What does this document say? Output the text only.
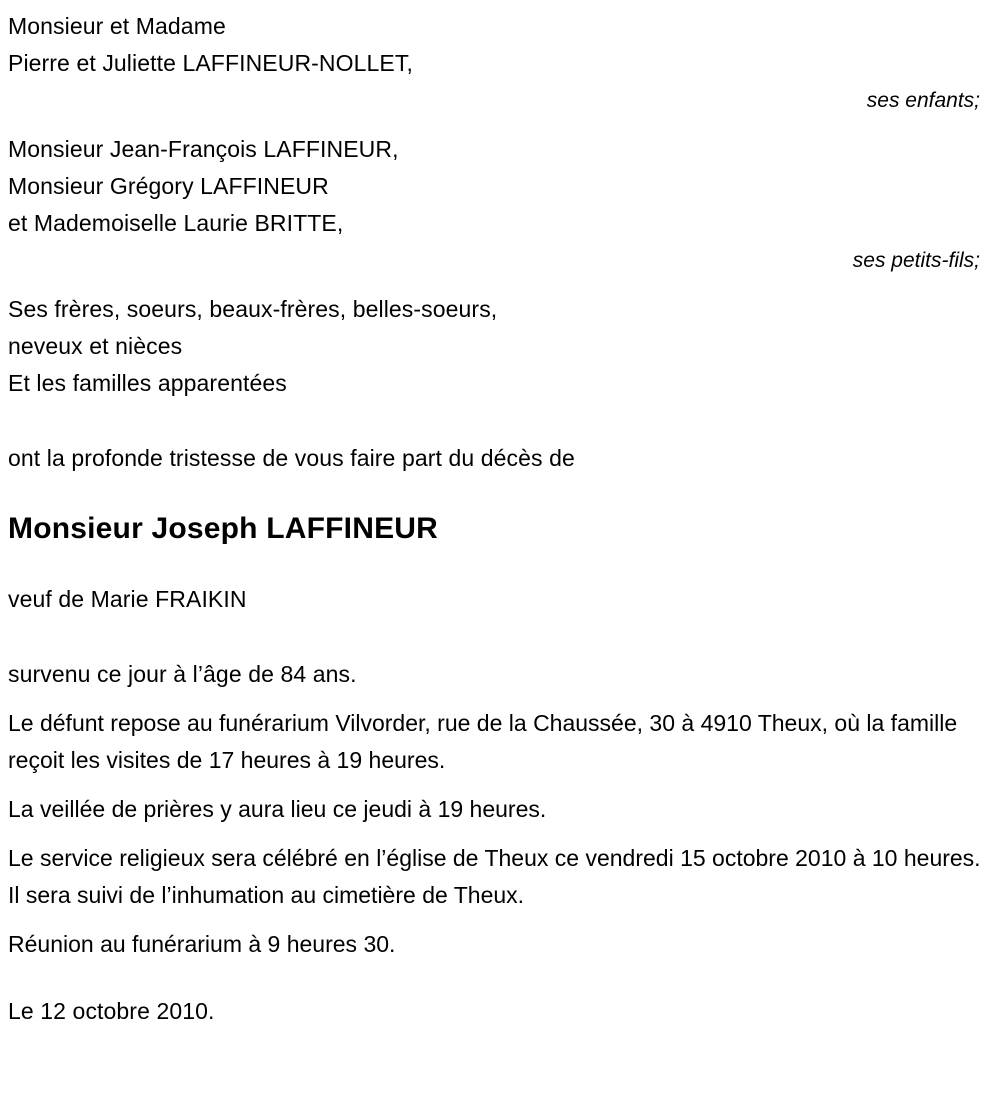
Monsieur et Madame
Pierre et Juliette LAFFINEUR-NOLLET,
ses enfants;
Monsieur Jean-François LAFFINEUR,
Monsieur Grégory LAFFINEUR
et Mademoiselle Laurie BRITTE,
ses petits-fils;
Ses frères, soeurs, beaux-frères, belles-soeurs,
neveux et nièces
Et les familles apparentées
ont la profonde tristesse de vous faire part du décès de
Monsieur Joseph LAFFINEUR
veuf de Marie FRAIKIN
survenu ce jour à l’âge de 84 ans.
Le défunt repose au funérarium Vilvorder, rue de la Chaussée, 30 à 4910 Theux, où la famille reçoit les visites de 17 heures à 19 heures.
La veillée de prières y aura lieu ce jeudi à 19 heures.
Le service religieux sera célébré en l’église de Theux ce vendredi 15 octobre 2010 à 10 heures. Il sera suivi de l’inhumation au cimetière de Theux.
Réunion au funérarium à 9 heures 30.
Le 12 octobre 2010.
